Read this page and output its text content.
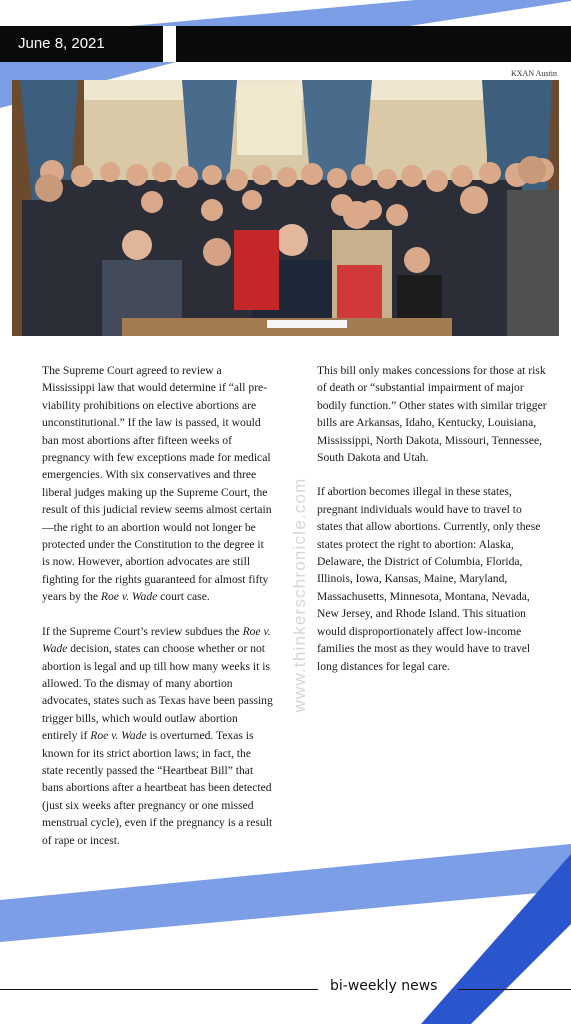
June 8, 2021
KXAN Austin

The Supreme Court agreed to review a Mississippi law that would determine if “all pre-viability prohibitions on elective abortions are unconstitutional.” If the law is passed, it would ban most abortions after fifteen weeks of pregnancy with few exceptions made for medical emergencies. With six conservatives and three liberal judges making up the Supreme Court, the result of this judicial review seems almost certain—the right to an abortion would not longer be protected under the Constitution to the degree it is now. However, abortion advocates are still fighting for the rights guaranteed for almost fifty years by the Roe v. Wade court case.

If the Supreme Court’s review subdues the Roe v. Wade decision, states can choose whether or not abortion is legal and up till how many weeks it is allowed. To the dismay of many abortion advocates, states such as Texas have been passing trigger bills, which would outlaw abortion entirely if Roe v. Wade is overturned. Texas is known for its strict abortion laws; in fact, the state recently passed the “Heartbeat Bill” that bans abortions after a heartbeat has been detected (just six weeks after pregnancy or one missed menstrual cycle), even if the pregnancy is a result of rape or incest.

www.thinkerschronicle.com

This bill only makes concessions for those at risk of death or “substantial impairment of major bodily function.” Other states with similar trigger bills are Arkansas, Idaho, Kentucky, Louisiana, Mississippi, North Dakota, Missouri, Tennessee, South Dakota and Utah.

If abortion becomes illegal in these states, pregnant individuals would have to travel to states that allow abortions. Currently, only these states protect the right to abortion: Alaska, Delaware, the District of Columbia, Florida, Illinois, Iowa, Kansas, Maine, Maryland, Massachusetts, Minnesota, Montana, Nevada, New Jersey, and Rhode Island. This situation would disproportionately affect low-income families the most as they would have to travel long distances for legal care.

bi-weekly news
